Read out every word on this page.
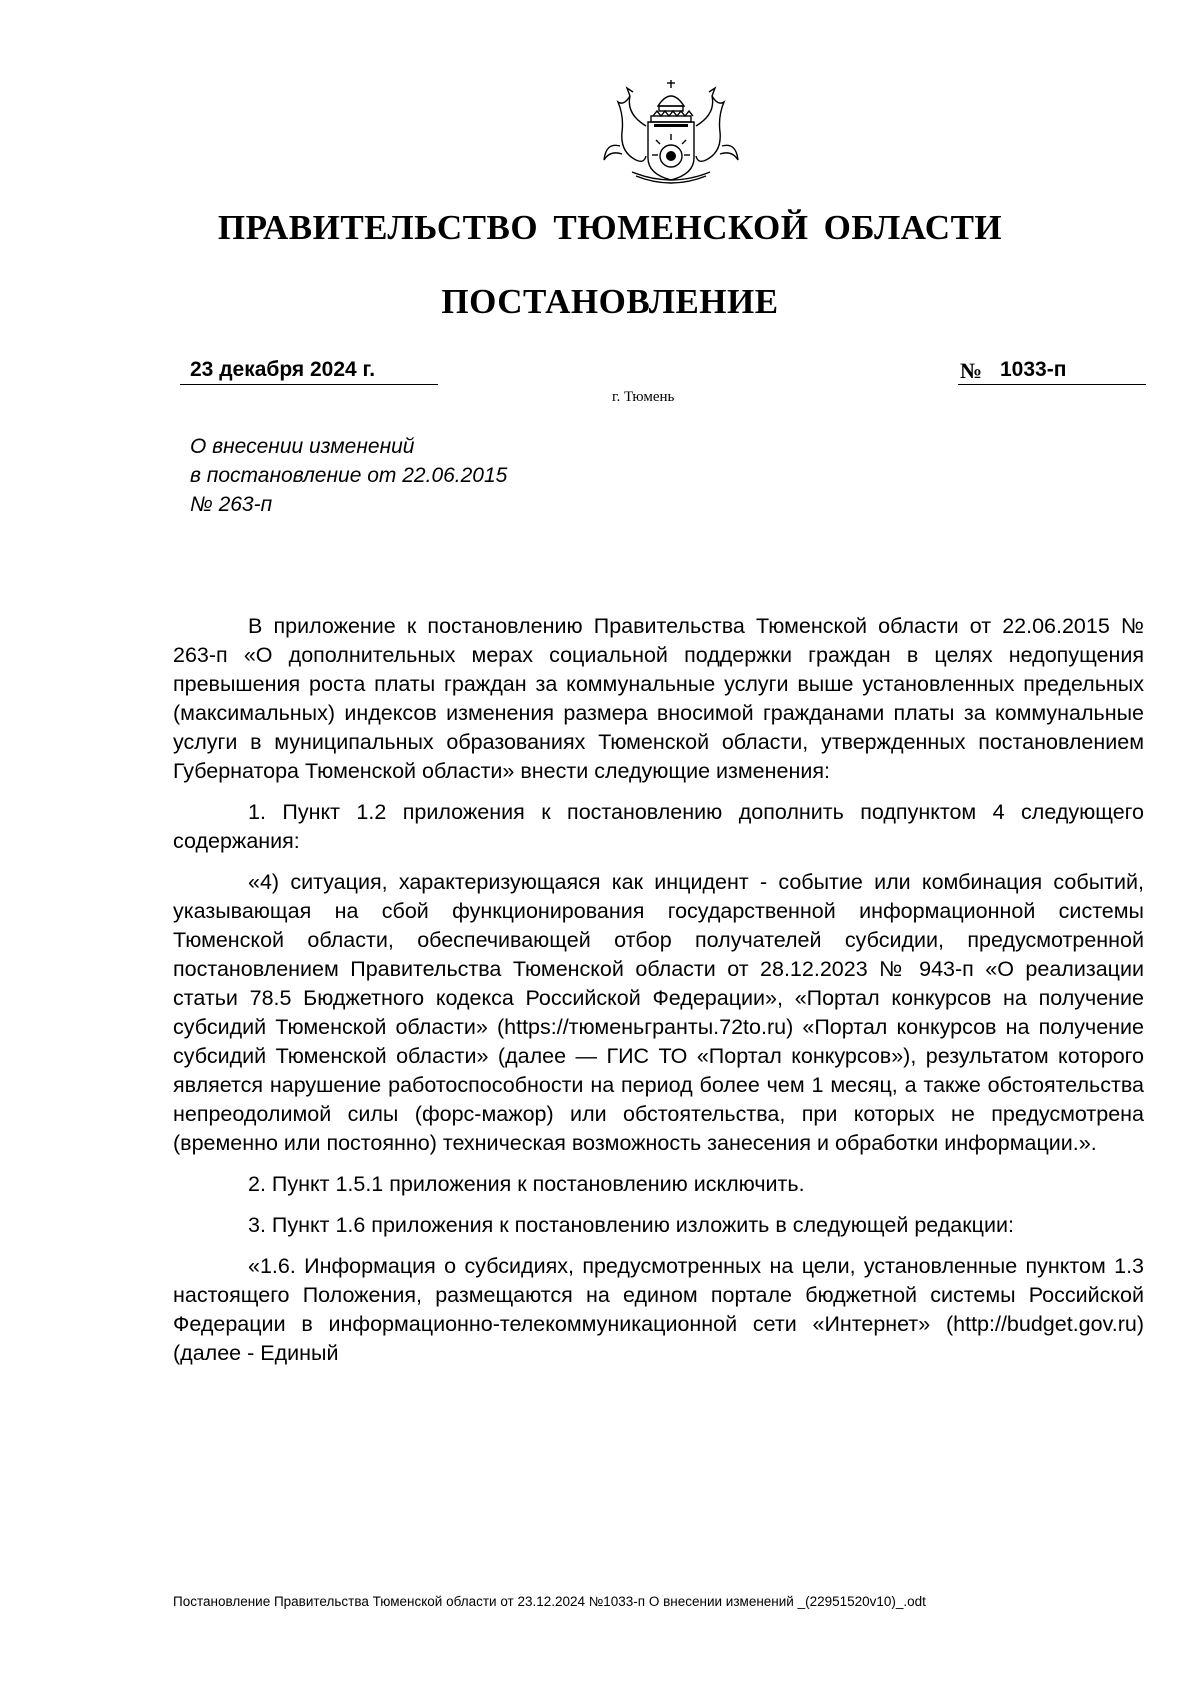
ПРАВИТЕЛЬСТВО ТЮМЕНСКОЙ ОБЛАСТИ
ПОСТАНОВЛЕНИЕ
23 декабря 2024 г.	№ 1033-п
г. Тюмень
О внесении изменений
в постановление от 22.06.2015
№ 263-п

В приложение к постановлению Правительства Тюменской области от 22.06.2015 № 263-п «О дополнительных мерах социальной поддержки граждан в целях недопущения превышения роста платы граждан за коммунальные услуги выше установленных предельных (максимальных) индексов изменения размера вносимой гражданами платы за коммунальные услуги в муниципальных образованиях Тюменской области, утвержденных постановлением Губернатора Тюменской области» внести следующие изменения:

1. Пункт 1.2 приложения к постановлению дополнить подпунктом 4 следующего содержания:

«4) ситуация, характеризующаяся как инцидент - событие или комбинация событий, указывающая на сбой функционирования государственной информационной системы Тюменской области, обеспечивающей отбор получателей субсидии, предусмотренной постановлением Правительства Тюменской области от 28.12.2023 № 943-п «О реализации статьи 78.5 Бюджетного кодекса Российской Федерации», «Портал конкурсов на получение субсидий Тюменской области» (https://тюменьгранты.72to.ru) «Портал конкурсов на получение субсидий Тюменской области» (далее — ГИС ТО «Портал конкурсов»), результатом которого является нарушение работоспособности на период более чем 1 месяц, а также обстоятельства непреодолимой силы (форс-мажор) или обстоятельства, при которых не предусмотрена (временно или постоянно) техническая возможность занесения и обработки информации.».

2. Пункт 1.5.1 приложения к постановлению исключить.

3. Пункт 1.6 приложения к постановлению изложить в следующей редакции:

«1.6. Информация о субсидиях, предусмотренных на цели, установленные пунктом 1.3 настоящего Положения, размещаются на едином портале бюджетной системы Российской Федерации в информационно-телекоммуникационной сети «Интернет» (http://budget.gov.ru) (далее - Единый

Постановление Правительства Тюменской области от 23.12.2024 №1033-п О внесении изменений _(22951520v10)_.odt
